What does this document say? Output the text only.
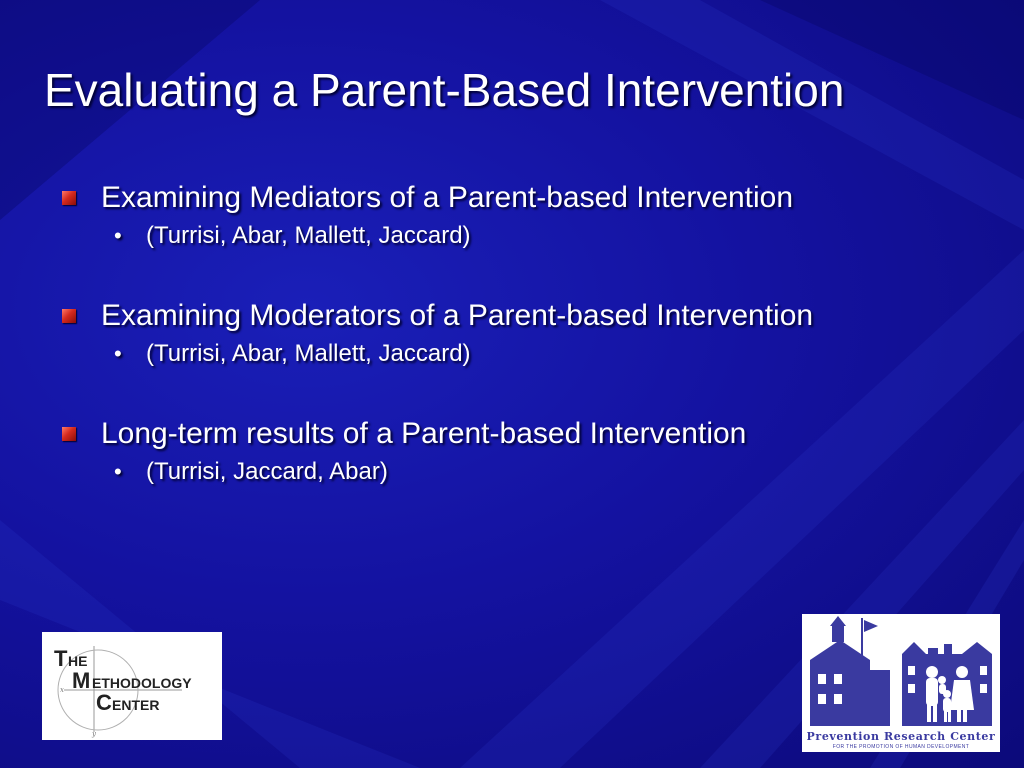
Evaluating a Parent-Based Intervention
Examining Mediators of a Parent-based Intervention
•	(Turrisi, Abar, Mallett, Jaccard)
Examining Moderators of a Parent-based Intervention
•	(Turrisi, Abar, Mallett, Jaccard)
Long-term results of a Parent-based Intervention
•	(Turrisi, Jaccard, Abar)
x
y
T HE
M ETHODOLOGY
C ENTER
Prevention Research Center
FOR THE PROMOTION OF HUMAN DEVELOPMENT
